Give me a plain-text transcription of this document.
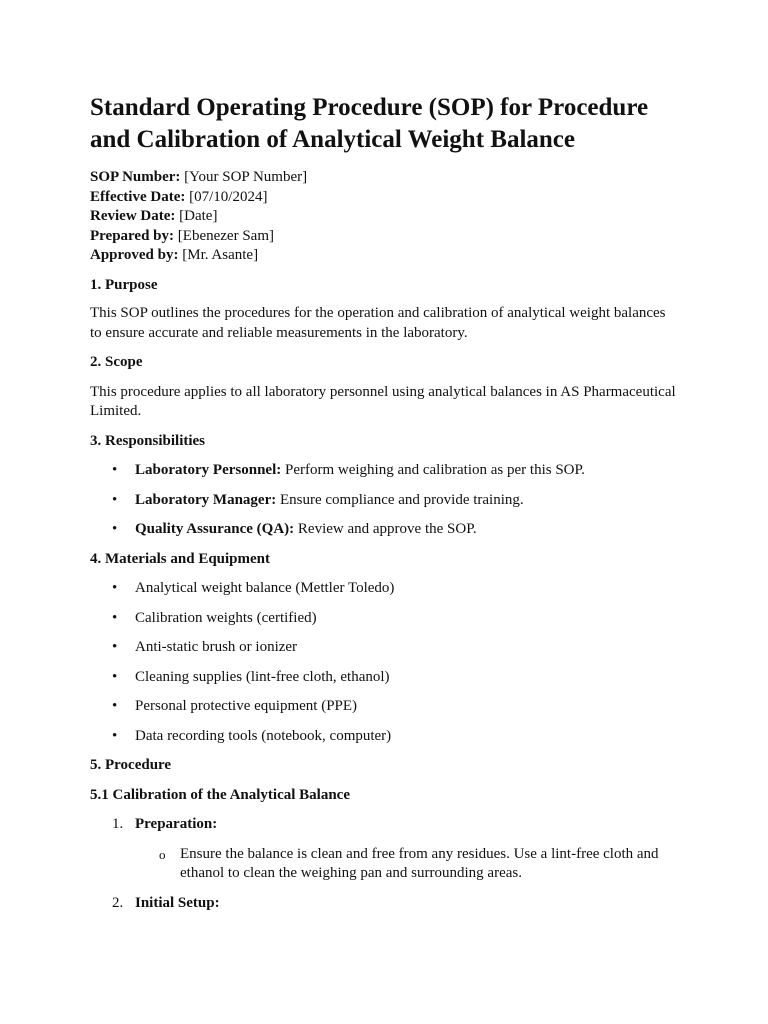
Standard Operating Procedure (SOP) for Procedure and Calibration of Analytical Weight Balance
SOP Number: [Your SOP Number]
Effective Date: [07/10/2024]
Review Date: [Date]
Prepared by: [Ebenezer Sam]
Approved by: [Mr. Asante]
1. Purpose

This SOP outlines the procedures for the operation and calibration of analytical weight balances to ensure accurate and reliable measurements in the laboratory.

2. Scope

This procedure applies to all laboratory personnel using analytical balances in AS Pharmaceutical Limited.

3. Responsibilities
• Laboratory Personnel: Perform weighing and calibration as per this SOP.
• Laboratory Manager: Ensure compliance and provide training.
• Quality Assurance (QA): Review and approve the SOP.
4. Materials and Equipment
• Analytical weight balance (Mettler Toledo)
• Calibration weights (certified)
• Anti-static brush or ionizer
• Cleaning supplies (lint-free cloth, ethanol)
• Personal protective equipment (PPE)
• Data recording tools (notebook, computer)
5. Procedure
5.1 Calibration of the Analytical Balance
1. Preparation:
o Ensure the balance is clean and free from any residues. Use a lint-free cloth and ethanol to clean the weighing pan and surrounding areas.
2. Initial Setup:
